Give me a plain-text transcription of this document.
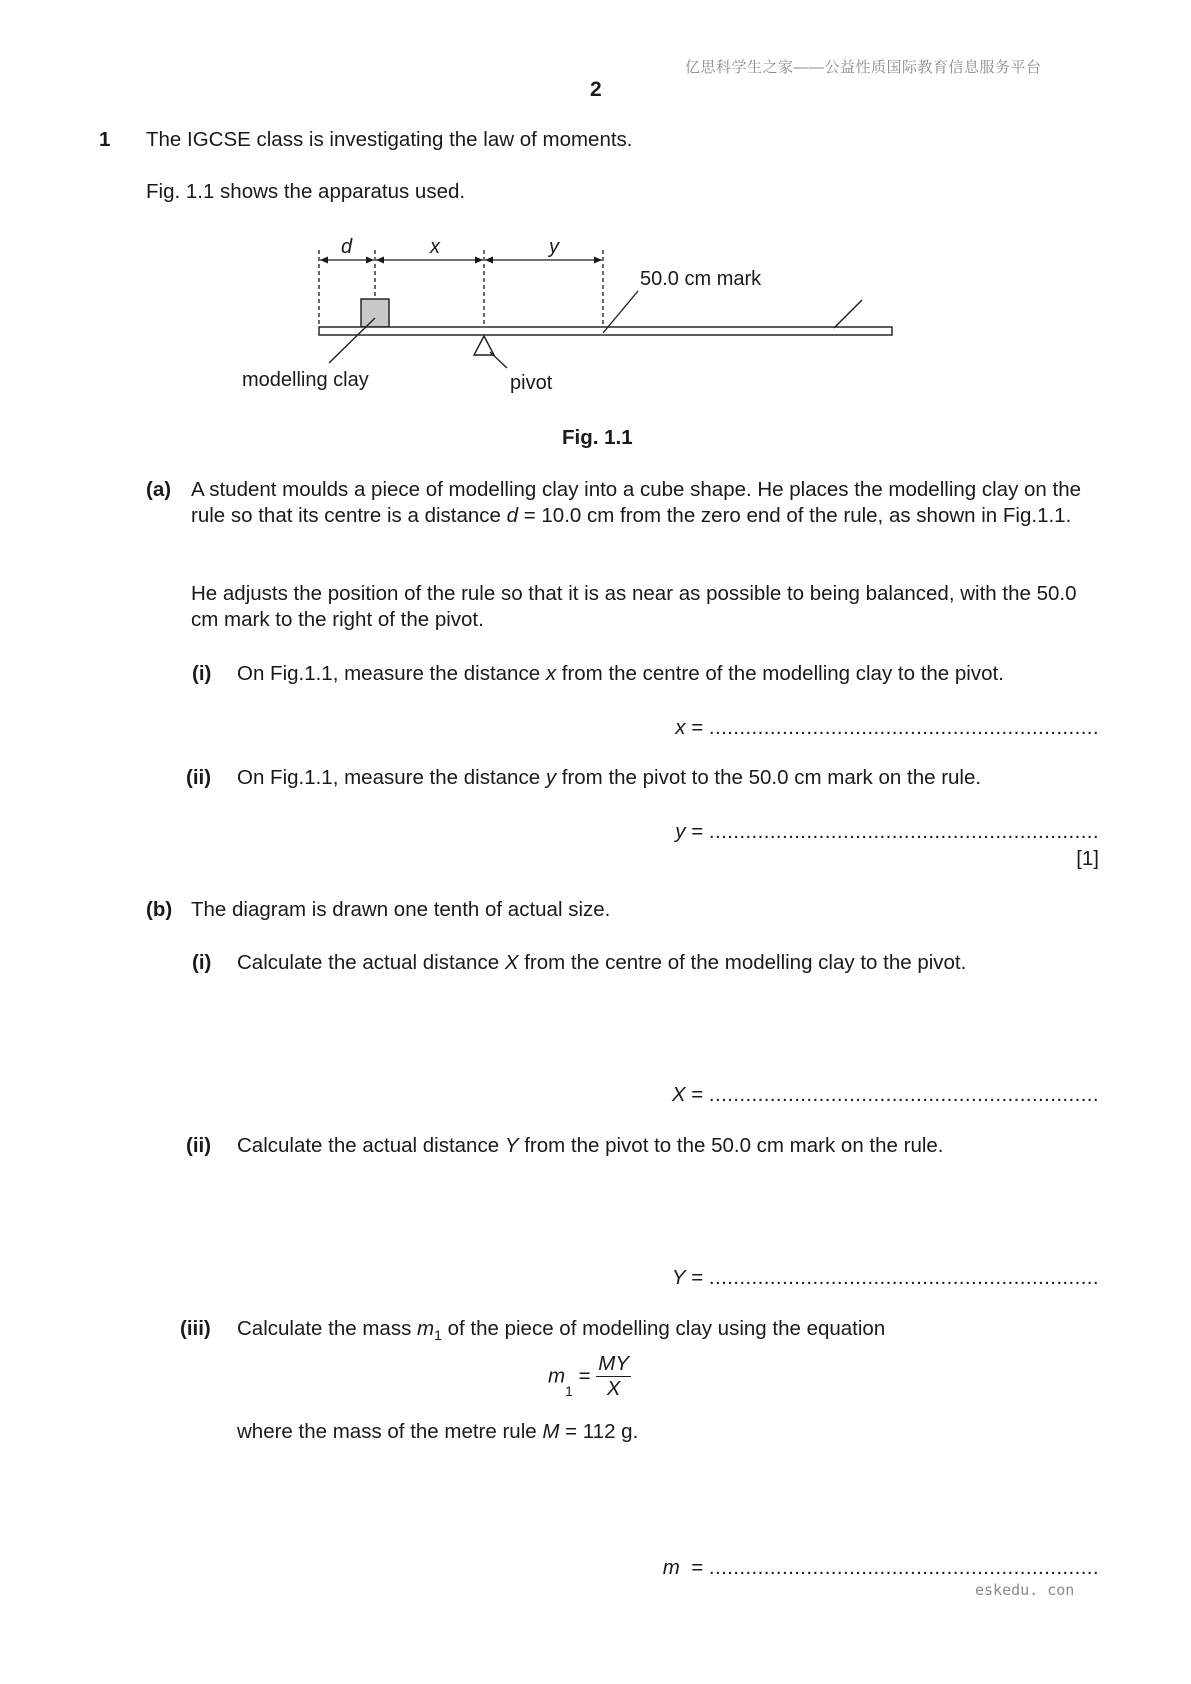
亿思科学生之家——公益性质国际教育信息服务平台
2
1 The IGCSE class is investigating the law of moments.
Fig. 1.1 shows the apparatus used.
d	x	y
50.0 cm mark
modelling clay	pivot
Fig. 1.1
(a) A student moulds a piece of modelling clay into a cube shape. He places the modelling clay on the rule so that its centre is a distance d = 10.0 cm from the zero end of the rule, as shown in Fig.1.1.
He adjusts the position of the rule so that it is as near as possible to being balanced, with the 50.0 cm mark to the right of the pivot.
(i) On Fig.1.1, measure the distance x from the centre of the modelling clay to the pivot.
x = ................................................................
(ii) On Fig.1.1, measure the distance y from the pivot to the 50.0 cm mark on the rule.
y = ................................................................
[1]
(b) The diagram is drawn one tenth of actual size.
(i) Calculate the actual distance X from the centre of the modelling clay to the pivot.
X = ................................................................
(ii) Calculate the actual distance Y from the pivot to the 50.0 cm mark on the rule.
Y = ................................................................
(iii) Calculate the mass $m_1$ of the piece of modelling clay using the equation
$m_1 = \frac{MY}{X}$
where the mass of the metre rule M = 112 g.
m  = ................................................................
eskedu. con
